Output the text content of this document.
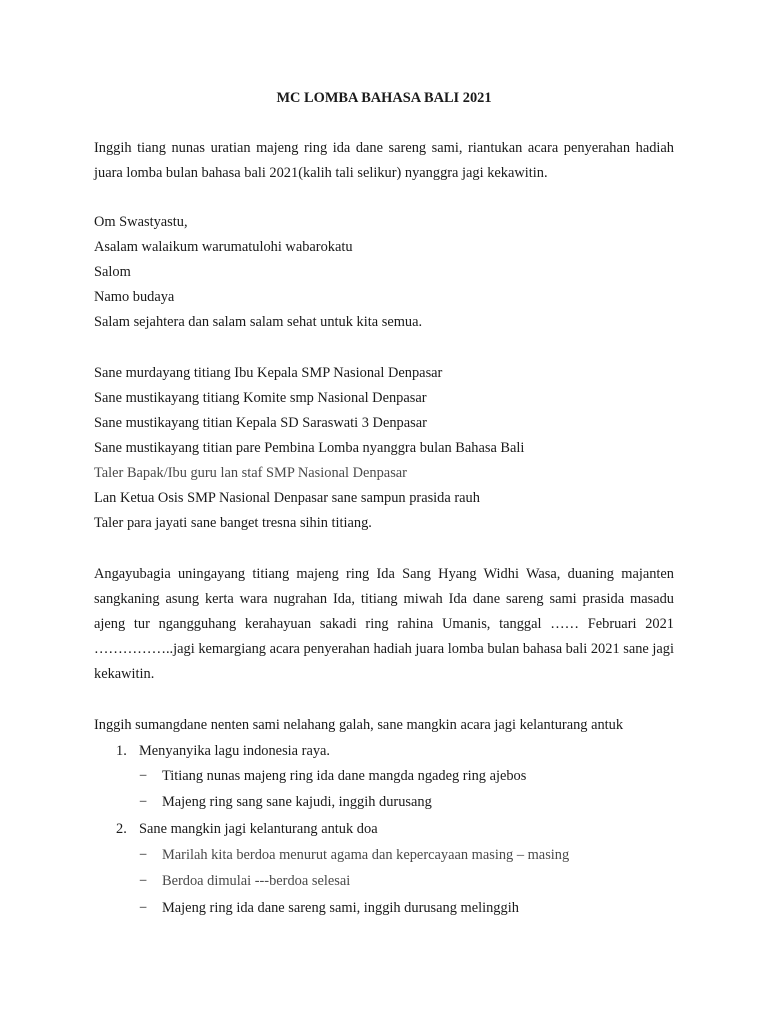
MC LOMBA BAHASA BALI 2021

Inggih tiang nunas uratian majeng ring ida dane sareng sami, riantukan acara penyerahan hadiah juara lomba bulan bahasa bali 2021(kalih tali selikur) nyanggra jagi kekawitin.

Om Swastyastu,
Asalam walaikum warumatulohi wabarokatu
Salom
Namo budaya
Salam sejahtera dan salam salam sehat untuk kita semua.
Sane murdayang titiang Ibu Kepala SMP Nasional Denpasar
Sane mustikayang titiang Komite smp Nasional Denpasar
Sane mustikayang titian Kepala SD Saraswati 3 Denpasar
Sane mustikayang titian pare Pembina Lomba nyanggra bulan Bahasa Bali
Taler Bapak/Ibu guru lan staf SMP Nasional Denpasar
Lan Ketua Osis SMP Nasional Denpasar sane sampun prasida rauh
Taler para jayati sane banget tresna sihin titiang.

Angayubagia uningayang titiang majeng ring Ida Sang Hyang Widhi Wasa, duaning majanten sangkaning asung kerta wara nugrahan Ida, titiang miwah Ida dane sareng sami prasida masadu ajeng tur ngangguhang kerahayuan sakadi ring rahina Umanis, tanggal …… Februari 2021 ……………..jagi kemargiang acara penyerahan hadiah juara lomba bulan bahasa bali 2021 sane jagi kekawitin.

Inggih sumangdane nenten sami nelahang galah, sane mangkin acara jagi kelanturang antuk
1. Menyanyika lagu indonesia raya.
− Titiang nunas majeng ring ida dane mangda ngadeg ring ajebos
− Majeng ring sang sane kajudi, inggih durusang
2. Sane mangkin jagi kelanturang antuk doa
− Marilah kita berdoa menurut agama dan kepercayaan masing – masing
− Berdoa dimulai ---berdoa selesai
− Majeng ring ida dane sareng sami, inggih durusang melinggih
